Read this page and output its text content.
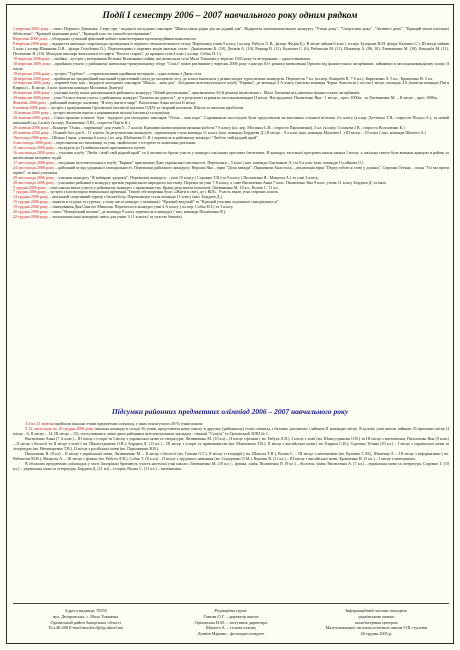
Події І семестру 2006 – 2007 навчального року одним рядком

1 вересня 2006 року – свято Першого Дзвоника. Старт три - водорозі молодших школярів "Школа наша рідна дім як рідний дім". Відкриття загальношкільного конкурсу "Учень року", "Спортсмен року", "Активіст року", "Кращий читач шкільної бібліотеки", "Кращий відмінник року", "Кращий клас по самообслуговуванню".

Вересень 2006 року – обладнано сучасний фізичний кабінет комп'ютерним мультимедійним комплексом.

8 вересня 2006 року – відкриття шкільної спартакіади, проведення її першого легкоатлетичного етапу. Переможці учнів 9 класу ( кл.кер. Рябуха Л. В., фізорг Федяк Б.). В місце зайняв 6 клас ( кл.кер. Бухарова В.М. фізорг Кулевич С.). Ш місце зайняв 5 клас ( кл.кер.Шишкова О.В. , фізорг Голубенко О.). Переможцями є окремих видів змагань стали : Данільченко К. (10), Демків А. (10), Веряцр В. (11), Кулинич С. (6), Рябоволів М. (11), Шамекер А. (86, 10), Литвиненко М. (10), Канцыба М. (11), Пелехенко Я. (10). Молодші школярі змагалися в естафеті "Весела старти", де кращим став 4 клас ( кл.кер. Собко Н. І.).

18 вересня 2006 року – лінійка – зустріч з ветеранами Великої Вітчизняної війни, які визволяли село Мала Токмачка у вересні 1943 року та ветеранами – односельчанами.

18 вересня 2006 року – прийняла участь у районному навчально-тренувальному збору "Сокіл" юних рятівників у вересня 2006 року з нагоди 63-ї річниці визволення Оріхова від фашистських загарбників, зайнявши в загальнокомандному заліку II місце.

18 вересня 2006 року – зустріч "Турбото" – старшокласники прийняли ветеранів – односельчан з Днем села.

26 вересня 2006 року – прийшли на традиційний шкільний туристичний похід до місцевого лісу, де класи змагалися у різних видах туристичних конкурсів. Перемогли 7 кл. (кл.кер. Канцыба В. 7-6 кл.), Кириленко Л. 5 кл., Кравченко Н. 5 кл.

22 вересня 2006 року – перший етап три – водорозі молодших школярів "Школа – наш дім". Засідання інтелектуального клубу "Еврика", де команда 4 А класу (капітан команди Чорна Анастасія ) посіла І місце, команда 4 Б (капітан команди Пат'я Кирилл) – ІІ місце, 3 клас (капітан команди Москвина Дмитро)

26 вересня 2006 року – учасник клубу юних рятувальників районного конкурсу "Юний рятувальник", присвяченого 63-й річниці визволення с. Мала Токмачка від німецько-фашистських загарбників.

29 вересня 2006 року – учні 9 класу взяли участь у районному конкурсі "Безпека на дорогах", де в результаті отримали загальнокомандне II місце. Нагороджені: Пилипенко Яна - 1 місце – крос 1000м., та Литвиненко М. – II місце – крос 1000м.

Жовтень 2006 року – районний конкурс малюнку "Я хочу жити в мирі". Висвіленко Анна посіла II місце.

6 жовтня 2006 року – зустріч з працівниками Оріхівської інспекції вахтової ОДАІ та творчий колектив. Школа за школою проблеми.

10 жовтня 2006 року – зустріч вчителів школи з керівниками міської інспекції та аукціону.

20 жовтня 2006 року – Свято врожаю в школі. Ігри - водорозі для молодших школярів "Осінь – моя пора". Справжньою насолодою були представлені на виставках осінньої вітальні 4-х класу (кл.кер. Деттішко Т.В., старости Піскун А.), та новий шкільний сад 2 класу (кл.кер. Пилипенко Л.Ш., староста Пар'ю К.).

20 жовтня 2006 року – Концерт "Осінь – чарівниця" для учнів 5 – 7 класів. Кращими композиціями визнано роботи 7 б класу (кл. кер. Мосинка С.В., староста Пархоменко), 5 кл. (кл.кер. Сулакова І.В., староста Волошенко К.)

20 жовтня 2006 року – Осінній бал для 8 – 11 класів. За результатами конкурсів , переможцем стала команда 11 класу (кап. команди Бордяєва Д.) ІІ місце – 9 а клас (кап. команди Мальчич І. ) ІІІ місце – 10 класі ( кап. команди Шамота А.)

Листопад 2006 року – Шілько Ганна, учениця 6 класу ( кл. кер. Шабанова О. В.) перемогла в районному конкурсі "Любіть свій рідний край".

4 листопада 2006 року – пересвятили всі вихованці та учні, знайомство з історією та новітніми реаліями.

11 листопада 2006 року – екскурсія до Гуляйпільського краєзнавчого музею.

16 листопада 2006 року – учасник клубу "Люби і знай свій рідний край" та її активісти брали участь у конкурсі шкільних пресових бюлетенів. В конкурсі загальної програми школа заняла І місце, а шкільна газета була визнана кращою в районі за висвітлення місцевих подій.

17 листопада 2006 року – засідання інтелектуального клубу "Еврика" присвячене Дню української писемності. Переможці – 5 клас ( кап. команди Одельянов А.) та 8 а клас (кап. команди Гусейнова О.)

24 листопада 2006 року – районний огляд художньої самодіяльності. Переможці районного конкурсу: Верхаш Яна – вірш "Доля завжди", Паршакова Анастасія – декламація вірш "Перед тобою я стою у доньки", Соромко Тетяна – пісня "Усі ми проти мріяті", та інші учасники.

29 листопада 2006 року – учасник конкурсу "Я вибираю здоров'я". Переможці конкурсу – учні 10 класу ( Соромко Т.В.) та 9 класу ( Пилипенко Я., Мацьоха А.) та учні 3 класу.

28 листопада 2006 року – учасники районного конкурсу зразків українського народного костюму. Перемогли учні 7-8 класу, а саме Висвіленко Анна 7 клас, Пилипенко Яна 9 клас, учень 11 класу Бордяєв Д. та інші.

5 грудня 2006 року – учні школи взяли участь у районному конкурсі з правознавства. Кращі результати показали: Литвиненко М. 10 кл., Волик С. 11 кл.

7 грудня 2006 року – зустріч з інспектором ювенальної превенції. Темою обговорення було: «Жити в світі, де є ВІЛ». Участь взяли учні старших класів.

14 грудня 2006 року – шкільний спортивний турнір з баскетболу. Переможцем стала команда 11 класу (кап. Бордяєв Д.).

15 грудня 2006 року – заняття в студіях та гуртках, у тому числі конкурс у номінації: "Кращий ведучий" та "Кращий учасник художньої самодіяльності".

19 грудня 2006 року – святкування Дня Святого Миколая. Перемогли в конкурсі учні 4 А класу ( кл.кер. Собко Н.І.) та 3 класу.

20 грудня 2006 року – свято "Новорічний вогник", де команда 9 класу перемогла в конкурсі ( кап. команди Пилипенко Я.).

22 грудня 2006 року – загальношкільні новорічні свята для учнів 1-11 класів ( за участю батьків).

Підсумки районних предметних олімпіад 2006 – 2007 навчального року

З 4 по 21 жовтня пройшли шкільні етапи предметних олімпіад, у яких взяли участь 49 % учнів школи.

З 12 листопада по 10 грудня 2006 року шкільна команда в складі 56 учнів, представила нашу школу в другому (районному) етапі олімпіад з базових дисциплін і зайняла ІІ командне місце. В цілому учні школи зайняли 35 призових місць (І місце – 6, ІІ місце – 14, ІІІ місце – 15), поступившись лише двом районним інтелектуальним закладам : гімназії "Сузір'я" та Оріхівській ЗОШ № 1.

Висвіленко Анна (7 А клас) – ІІІ місце з історії та І місце з української мови та літератури; Литвиненко М. (10 кл) – ІІ місце з фізики ( вч. Рябуха Л.В.), І місце з хімії (вч. Шамсутдинова О.В.) та ІІІ місце з математики; Пилипенко Яна (9 клас) – ІІ місце з біології та ІІ місце з хімії ( вч. Шамсутдинова О.В.); Бордяєв Д. (11 кл.) – ІІІ місце з історії та правознавства (вч. Максимова Т.В.), ІІ місце з англійської мови ( вч. Кирила С.В.); Соромко Тетяна (10 кл.) – І місце з української мови та літератури (вч. Нечипоренко Т.В.), ІІ місце з російської мови (вч. Пархоменко В.В.).

Пилипенко Я. (9 кл) – ІІ місце з української мови, Литвиненко М. – ІІ місце з біології (вч. Гамова О.Г.), ІІ місце з географії ( вч. Шамота Т.Н.), Волик С. – ІІІ місце з математики (вч. Кулевич С.М.), Шамекер А. – ІІІ місце з інформатики ( вч. Рябоволів М.В.), Мацьоха А. – ІІІ місце з фізики (вч. Рябуха Л.В.), Собко Т. (8 а кл) – ІІ місце з трудового навчання (вч. Сидоренко О.М.), Верхаш Я. (11 кл.) – ІІІ місце з англійської мови, Кравченко Н. (5 кл.) – І місце з математики.

В обласних предметних олімпіадах у місті Запоріжжі братимуть участь наступні учні школи: Литвиненко М. (10 кл.) – фізика, хімія; Пилипенко Я. (9 кл.) – біологія, хімія; Висвіленко А. (7 кл.) – українська мова та література; Соромко Т. (10 кл.) – українська мова та література; Бордяєв Д. (11 кл) – історія; Волик С. (11 кл.) – математика.

Адреса видавця: 70550
вул. Дніпровська, с. Мала Токмачка
Оріхівський район Запорізької області
Тел.46-280 E-mail:mtschool@zp.ukrtel.net
Редакційна група:
Гамова О.Г. – директор школи
Оріховська В.М. – заступник директора
Шамота А. – голова учкому
Демків Марина – фотокореспондент
Інформаційний часопис виходить
українською мовою
комп'ютерним центром
Малотокмацької загальноосвітньої школи I-III ступенів
26 грудня 2005 р.
